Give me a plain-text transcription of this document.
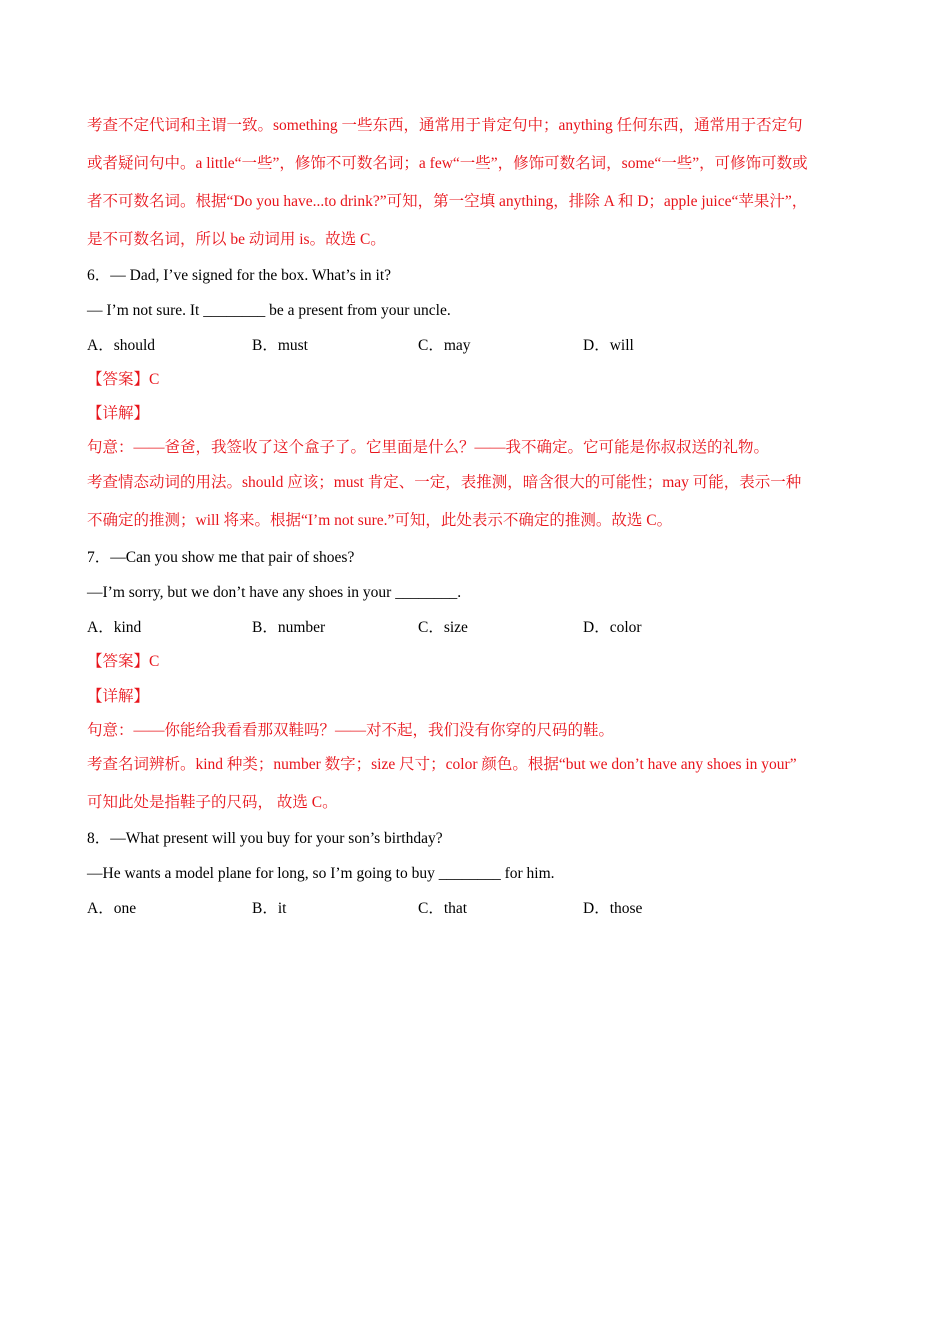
考查不定代词和主谓一致。something 一些东西，通常用于肯定句中；anything 任何东西，通常用于否定句
或者疑问句中。a little“一些”，修饰不可数名词；a few“一些”，修饰可数名词，some“一些”，可修饰可数或
者不可数名词。根据“Do you have...to drink?”可知，第一空填 anything，排除 A 和 D；apple juice“苹果汁”，
是不可数名词，所以 be 动词用 is。故选 C。
6．— Dad, I’ve signed for the box. What’s in it?
— I’m not sure. It ________ be a present from your uncle.
A．should	B．must	C．may	D．will
【答案】C
【详解】
句意：——爸爸，我签收了这个盒子了。它里面是什么？——我不确定。它可能是你叔叔送的礼物。
考查情态动词的用法。should 应该；must 肯定、一定，表推测，暗含很大的可能性；may 可能，表示一种
不确定的推测；will 将来。根据“I’m not sure.”可知，此处表示不确定的推测。故选 C。
7．—Can you show me that pair of shoes?
—I’m sorry, but we don’t have any shoes in your ________.
A．kind	B．number	C．size	D．color
【答案】C
【详解】
句意：——你能给我看看那双鞋吗？——对不起，我们没有你穿的尺码的鞋。
考查名词辨析。kind 种类；number 数字；size 尺寸；color 颜色。根据“but we don’t have any shoes in your”
可知此处是指鞋子的尺码， 故选 C。
8．—What present will you buy for your son’s birthday?
—He wants a model plane for long, so I’m going to buy ________ for him.
A．one	B．it	C．that	D．those
